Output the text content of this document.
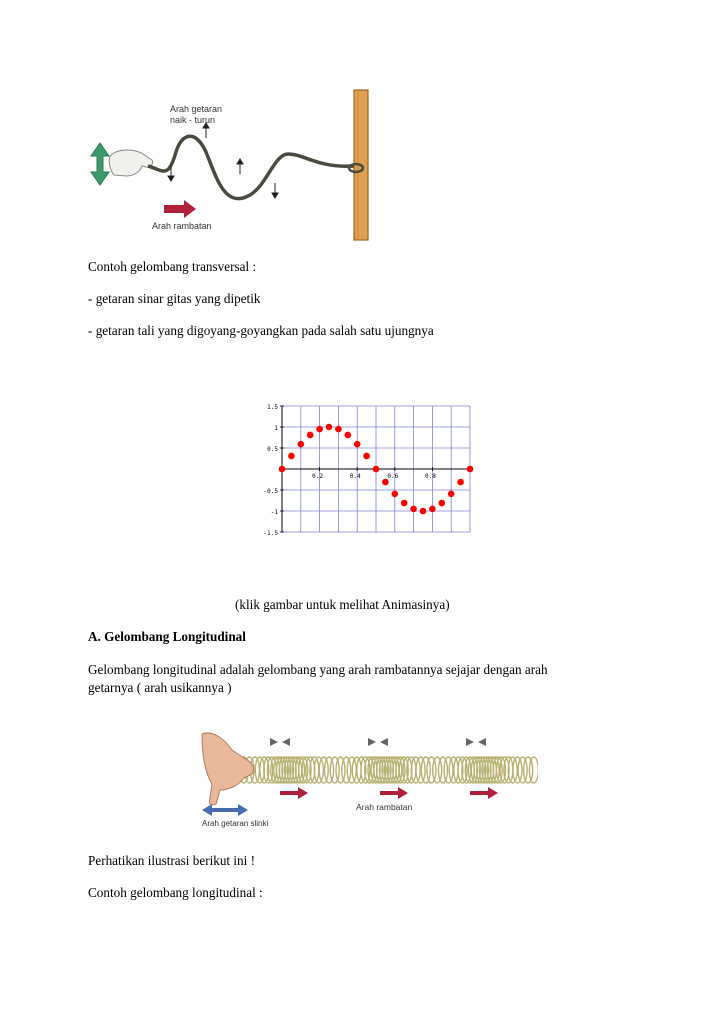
Arah getaran
naik - turun
Arah rambatan
Contoh gelombang transversal :
- getaran sinar gitas yang dipetik
- getaran tali yang digoyang-goyangkan pada salah satu ujungnya
1.5
1
0.5
-0.5
-1
-1.5
0.2	0.4	0.6	0.8
(klik gambar untuk melihat Animasinya)
A. Gelombang Longitudinal
Gelombang longitudinal adalah gelombang yang arah rambatannya sejajar dengan arah
getarnya ( arah usikannya )
Arah getaran slinki
Arah rambatan
Perhatikan ilustrasi berikut ini !
Contoh gelombang longitudinal :
